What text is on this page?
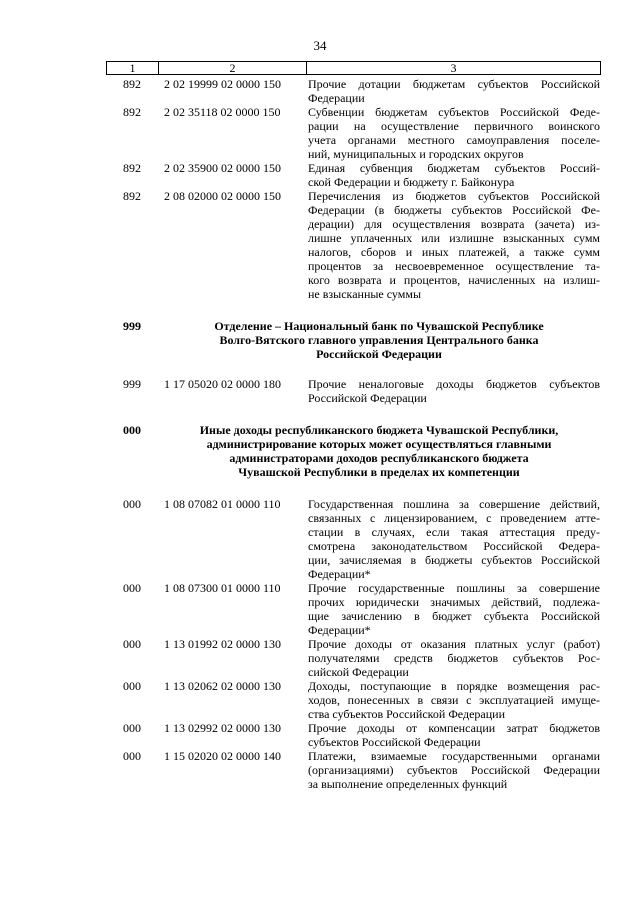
34
1	2	3
892	2 02 19999 02 0000 150	Прочие дотации бюджетам субъектов Российской
Федерации
892	2 02 35118 02 0000 150	Субвенции бюджетам субъектов Российской Феде-
рации на осуществление первичного воинского
учета органами местного самоуправления поселе-
ний, муниципальных и городских округов
892	2 02 35900 02 0000 150	Единая субвенция бюджетам субъектов Россий-
ской Федерации и бюджету г. Байконура
892	2 08 02000 02 0000 150	Перечисления из бюджетов субъектов Российской
Федерации (в бюджеты субъектов Российской Фе-
дерации) для осуществления возврата (зачета) из-
лишне уплаченных или излишне взысканных сумм
налогов, сборов и иных платежей, а также сумм
процентов за несвоевременное осуществление та-
кого возврата и процентов, начисленных на излиш-
не взысканные суммы
999	Отделение – Национальный банк по Чувашской Республике
Волго-Вятского главного управления Центрального банка
Российской Федерации
999	1 17 05020 02 0000 180	Прочие неналоговые доходы бюджетов субъектов
Российской Федерации
000	Иные доходы республиканского бюджета Чувашской Республики,
администрирование которых может осуществляться главными
администраторами доходов республиканского бюджета
Чувашской Республики в пределах их компетенции
000	1 08 07082 01 0000 110	Государственная пошлина за совершение действий,
связанных с лицензированием, с проведением атте-
стации в случаях, если такая аттестация преду-
смотрена законодательством Российской Федера-
ции, зачисляемая в бюджеты субъектов Российской
Федерации*
000	1 08 07300 01 0000 110	Прочие государственные пошлины за совершение
прочих юридически значимых действий, подлежа-
щие зачислению в бюджет субъекта Российской
Федерации*
000	1 13 01992 02 0000 130	Прочие доходы от оказания платных услуг (работ)
получателями средств бюджетов субъектов Рос-
сийской Федерации
000	1 13 02062 02 0000 130	Доходы, поступающие в порядке возмещения рас-
ходов, понесенных в связи с эксплуатацией имуще-
ства субъектов Российской Федерации
000	1 13 02992 02 0000 130	Прочие доходы от компенсации затрат бюджетов
субъектов Российской Федерации
000	1 15 02020 02 0000 140	Платежи, взимаемые государственными органами
(организациями) субъектов Российской Федерации
за выполнение определенных функций
